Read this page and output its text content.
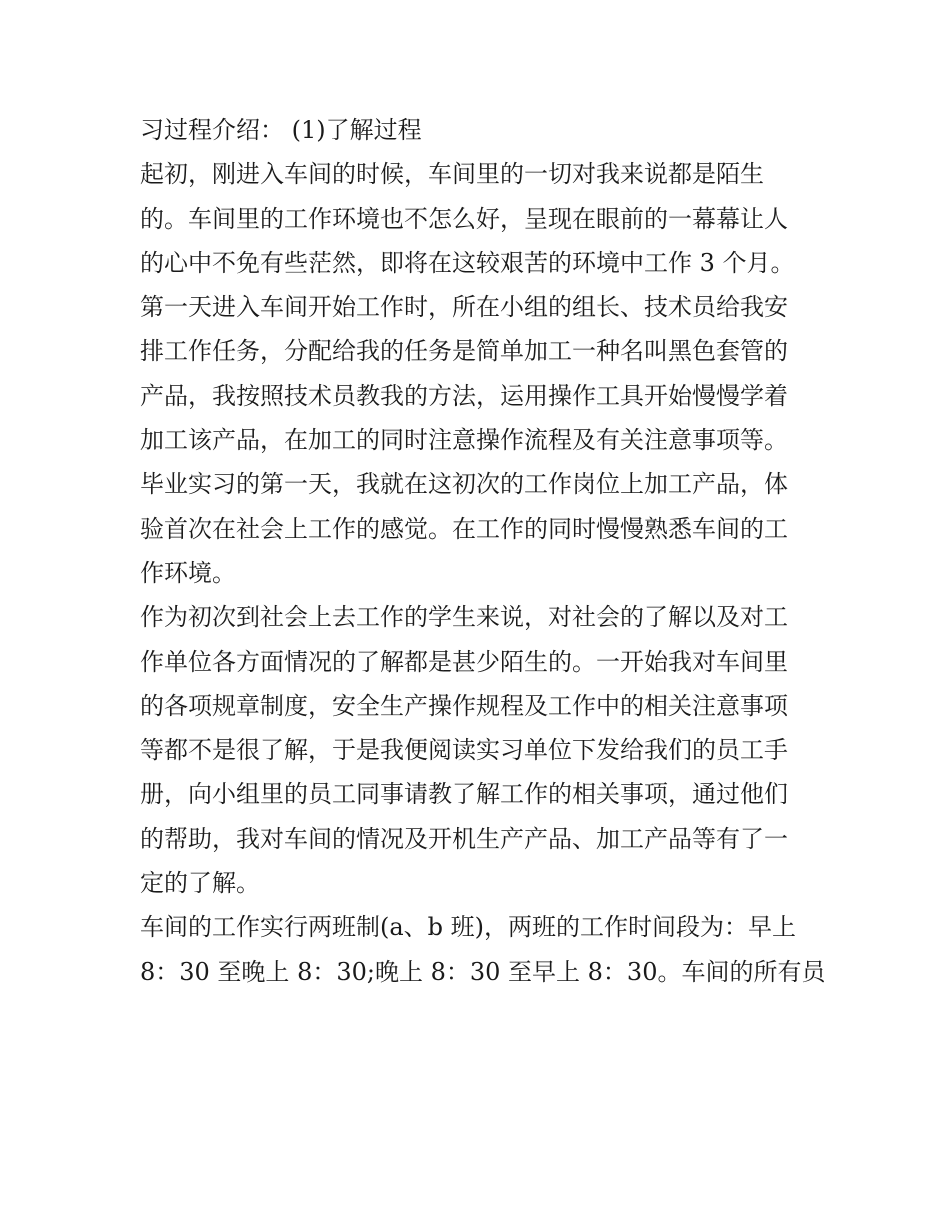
习过程介绍： (1)了解过程
起初，刚进入车间的时候，车间里的一切对我来说都是陌生
的。车间里的工作环境也不怎么好，呈现在眼前的一幕幕让人
的心中不免有些茫然，即将在这较艰苦的环境中工作 3 个月。
第一天进入车间开始工作时，所在小组的组长、技术员给我安
排工作任务，分配给我的任务是简单加工一种名叫黑色套管的
产品，我按照技术员教我的方法，运用操作工具开始慢慢学着
加工该产品，在加工的同时注意操作流程及有关注意事项等。
毕业实习的第一天，我就在这初次的工作岗位上加工产品，体
验首次在社会上工作的感觉。在工作的同时慢慢熟悉车间的工
作环境。
作为初次到社会上去工作的学生来说，对社会的了解以及对工
作单位各方面情况的了解都是甚少陌生的。一开始我对车间里
的各项规章制度，安全生产操作规程及工作中的相关注意事项
等都不是很了解，于是我便阅读实习单位下发给我们的员工手
册，向小组里的员工同事请教了解工作的相关事项，通过他们
的帮助，我对车间的情况及开机生产产品、加工产品等有了一
定的了解。
车间的工作实行两班制(a、b 班)，两班的工作时间段为：早上
8：30 至晚上 8：30;晚上 8：30 至早上 8：30。车间的所有员
